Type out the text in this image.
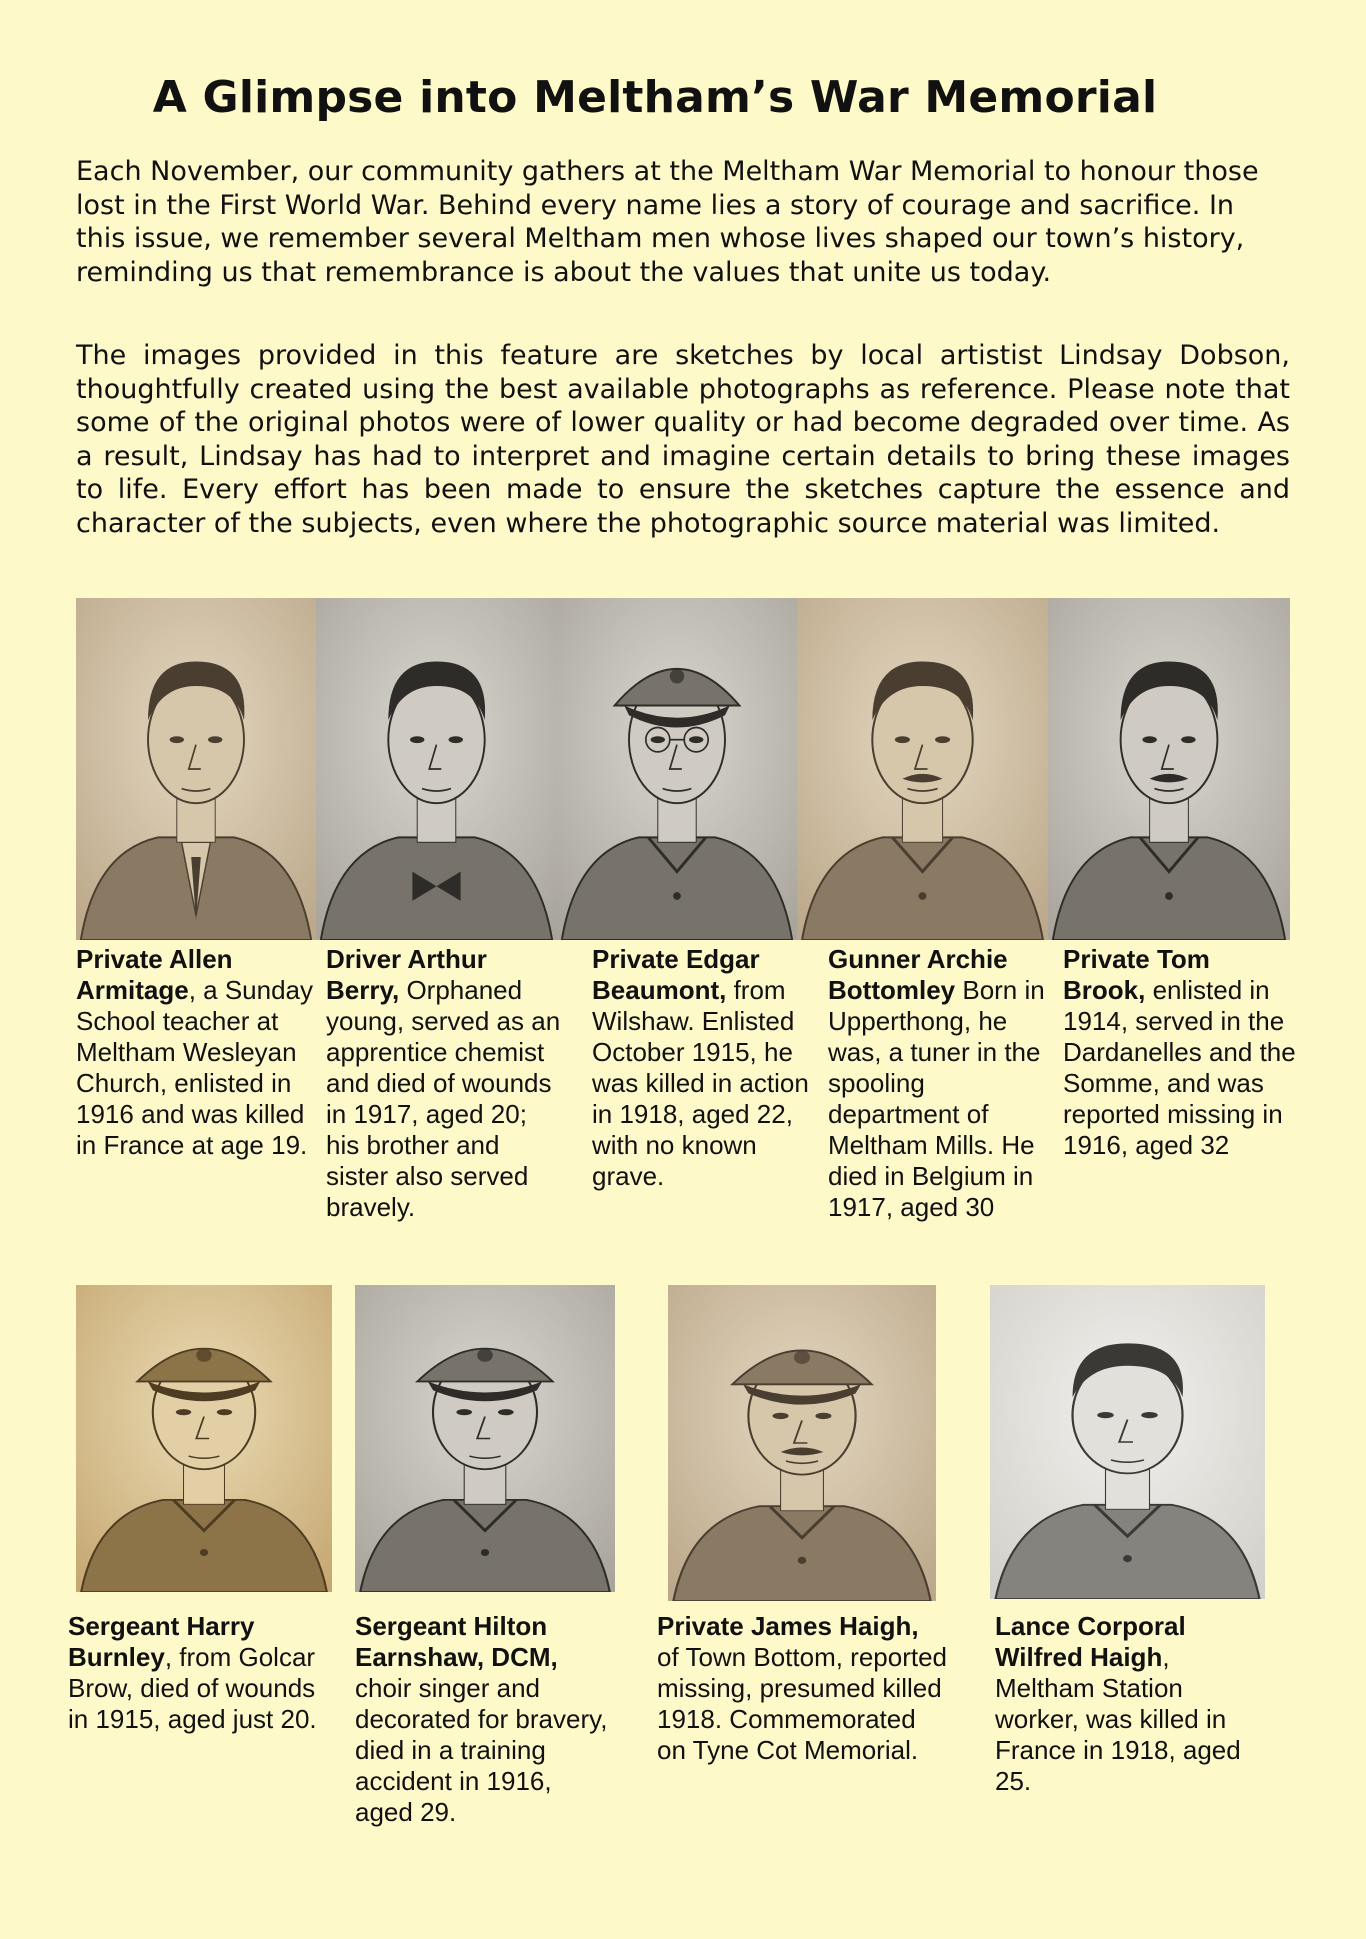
A Glimpse into Meltham’s War Memorial

Each November, our community gathers at the Meltham War Memorial to honour those lost in the First World War. Behind every name lies a story of courage and sacrifice. In this issue, we remember several Meltham men whose lives shaped our town’s history, reminding us that remembrance is about the values that unite us today.

The images provided in this feature are sketches by local artistist Lindsay Dobson, thoughtfully created using the best available photographs as reference. Please note that some of the original photos were of lower quality or had become degraded over time. As a result, Lindsay has had to interpret and imagine certain details to bring these images to life. Every effort has been made to ensure the sketches capture the essence and character of the subjects, even where the photographic source material was limited.

Private Allen Armitage, a Sunday School teacher at Meltham Wesleyan Church, enlisted in 1916 and was killed in France at age 19.

Driver Arthur Berry, Orphaned young, served as an apprentice chemist and died of wounds in 1917, aged 20; his brother and sister also served bravely.

Private Edgar Beaumont, from Wilshaw. Enlisted October 1915, he was killed in action in 1918, aged 22, with no known grave.

Gunner Archie Bottomley Born in Upperthong, he was, a tuner in the spooling department of Meltham Mills. He died in Belgium in 1917, aged 30

Private Tom Brook, enlisted in 1914, served in the Dardanelles and the Somme, and was reported missing in 1916, aged 32

Sergeant Harry Burnley, from Golcar Brow, died of wounds in 1915, aged just 20.

Sergeant Hilton Earnshaw, DCM, choir singer and decorated for bravery, died in a training accident in 1916, aged 29.

Private James Haigh, of Town Bottom, reported missing, presumed killed 1918. Commemorated on Tyne Cot Memorial.

Lance Corporal Wilfred Haigh, Meltham Station worker, was killed in France in 1918, aged 25.
